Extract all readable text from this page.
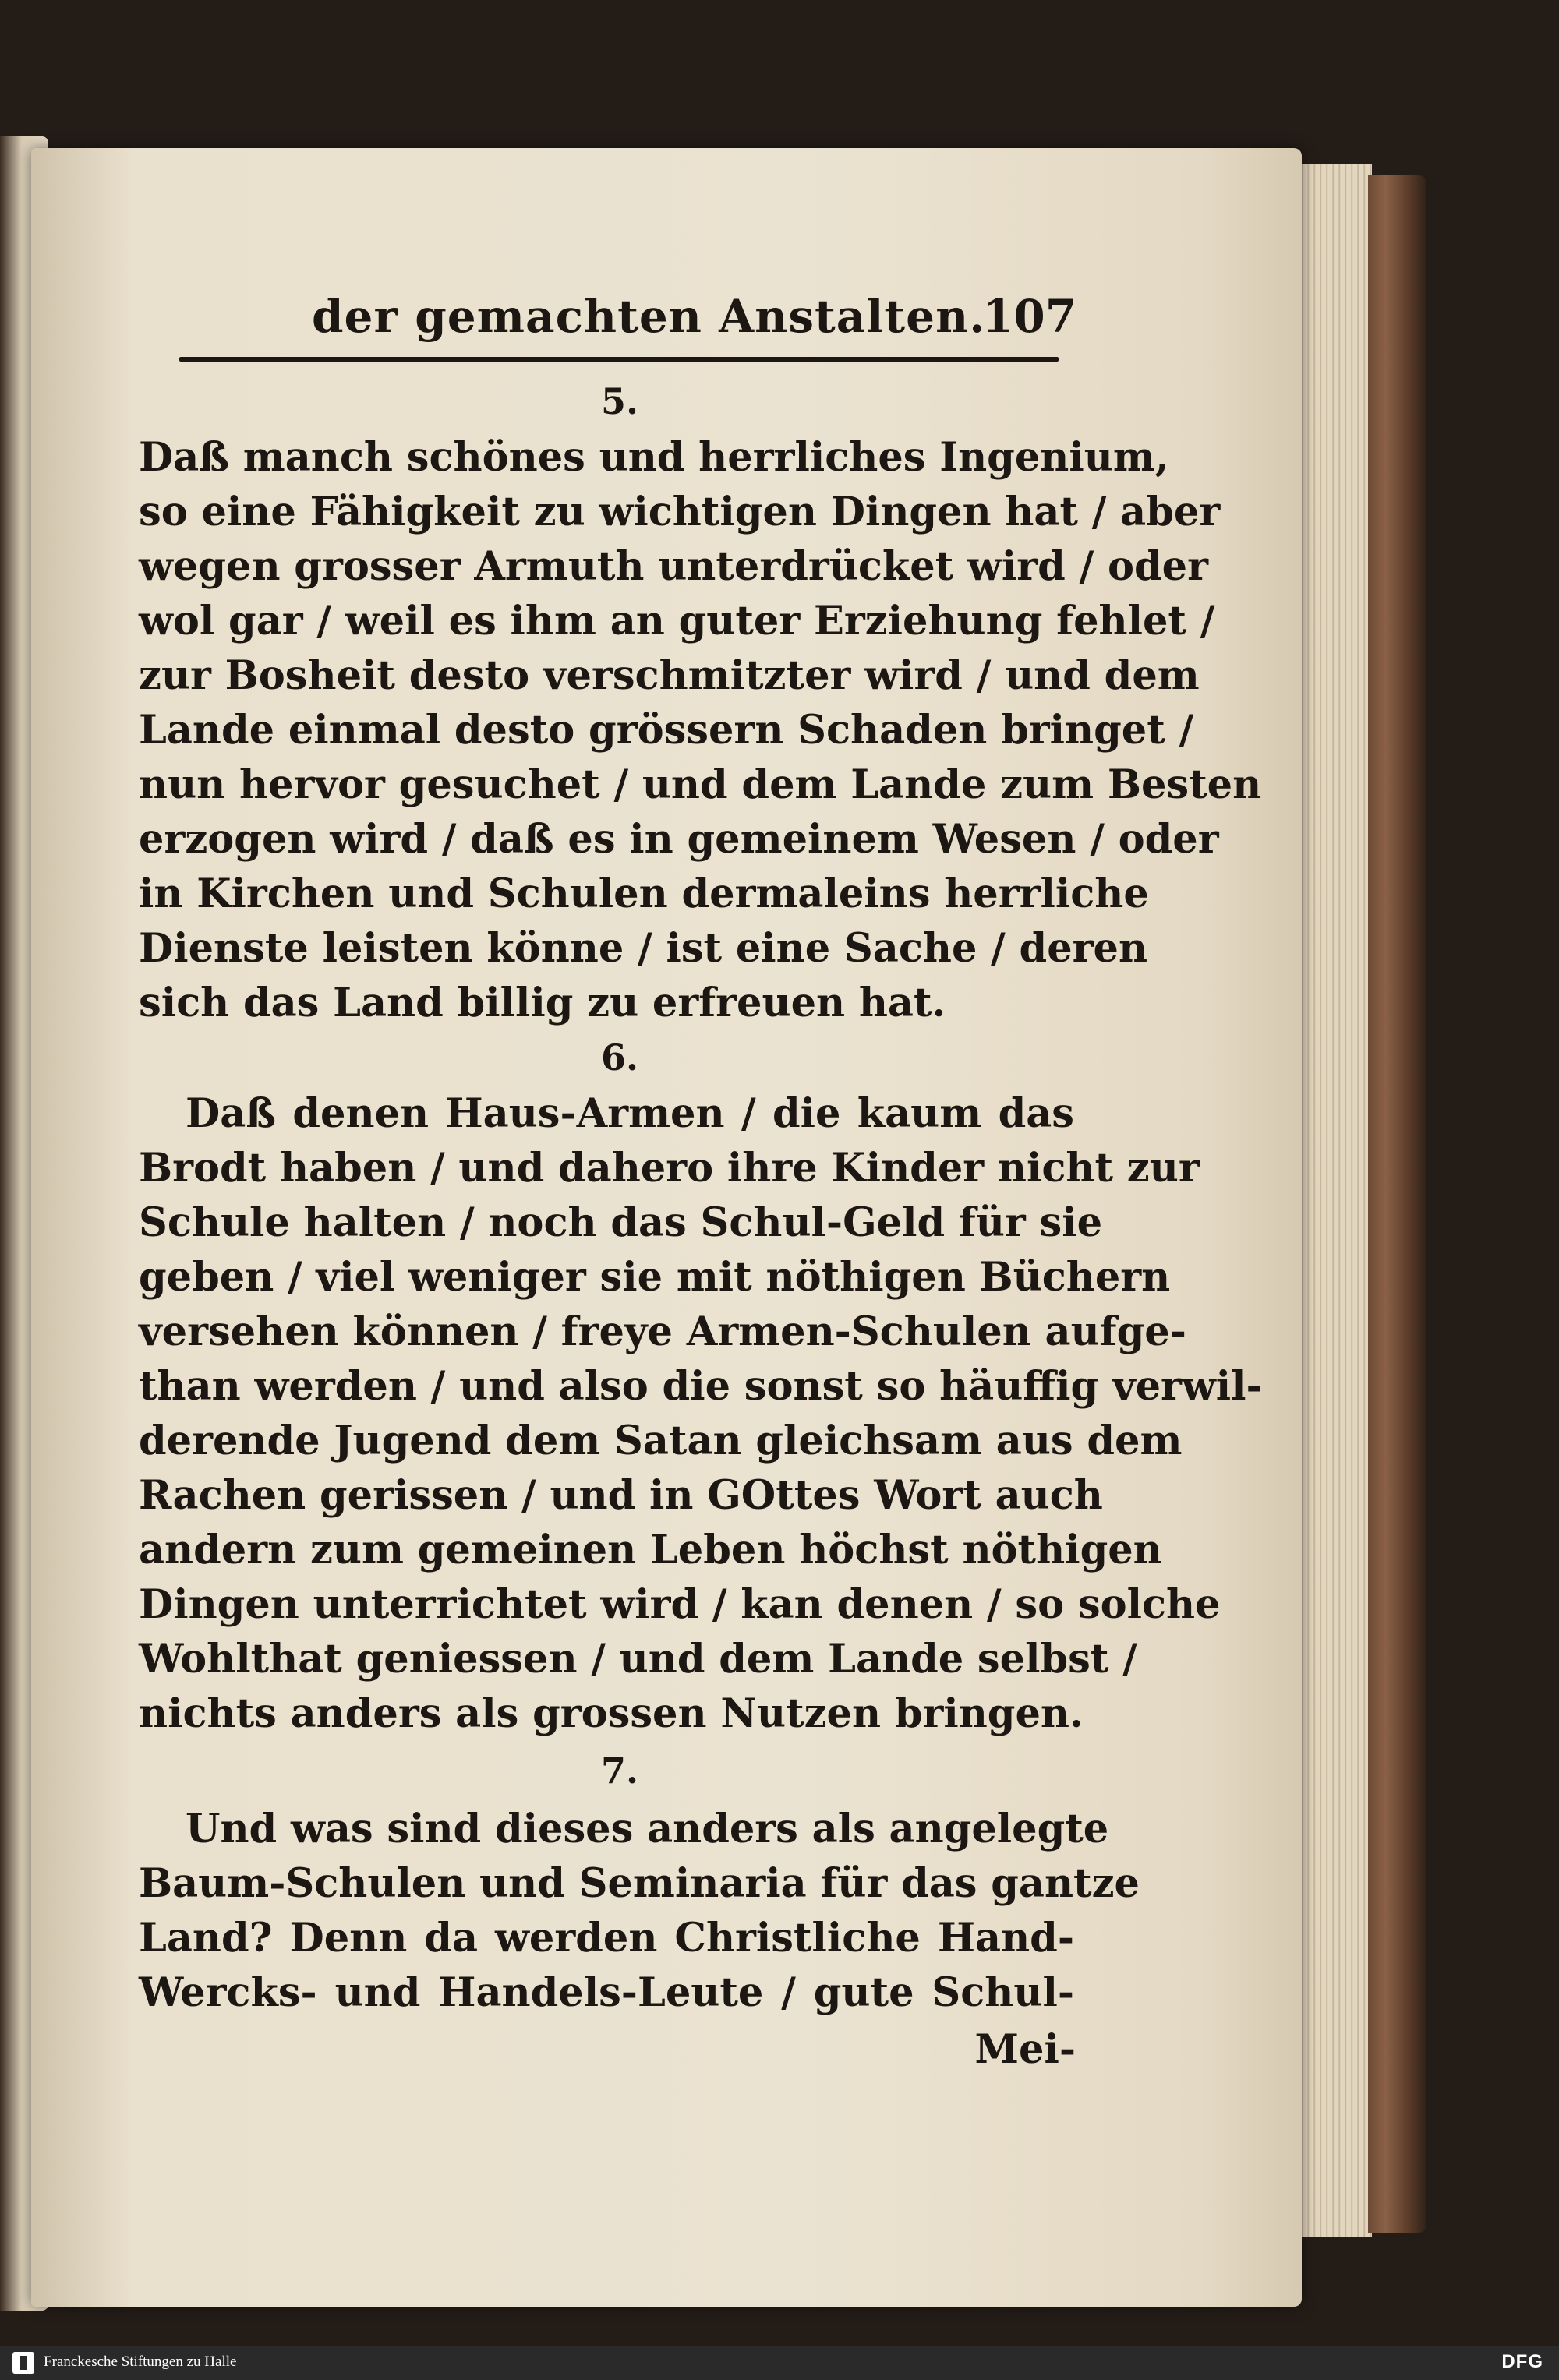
der gemachten Anstalten.
107
5.
Daß manch schönes und herrliches Ingenium,
so eine Fähigkeit zu wichtigen Dingen hat / aber
wegen grosser Armuth unterdrücket wird / oder
wol gar / weil es ihm an guter Erziehung fehlet /
zur Bosheit desto verschmitzter wird / und dem
Lande einmal desto grössern Schaden bringet /
nun hervor gesuchet / und dem Lande zum Besten
erzogen wird / daß es in gemeinem Wesen / oder
in Kirchen und Schulen dermaleins herrliche
Dienste leisten könne / ist eine Sache / deren
sich das Land billig zu erfreuen hat.
6.
Daß denen Haus-Armen / die kaum das
Brodt haben / und dahero ihre Kinder nicht zur
Schule halten / noch das Schul-Geld für sie
geben / viel weniger sie mit nöthigen Büchern
versehen können / freye Armen-Schulen aufge-
than werden / und also die sonst so häuffig verwil-
derende Jugend dem Satan gleichsam aus dem
Rachen gerissen / und in GOttes Wort auch
andern zum gemeinen Leben höchst nöthigen
Dingen unterrichtet wird / kan denen / so solche
Wohlthat geniessen / und dem Lande selbst /
nichts anders als grossen Nutzen bringen.
7.
Und was sind dieses anders als angelegte
Baum-Schulen und Seminaria für das gantze
Land? Denn da werden Christliche Hand-
Wercks- und Handels-Leute / gute Schul-
Mei-
Franckesche Stiftungen zu Halle	DFG
